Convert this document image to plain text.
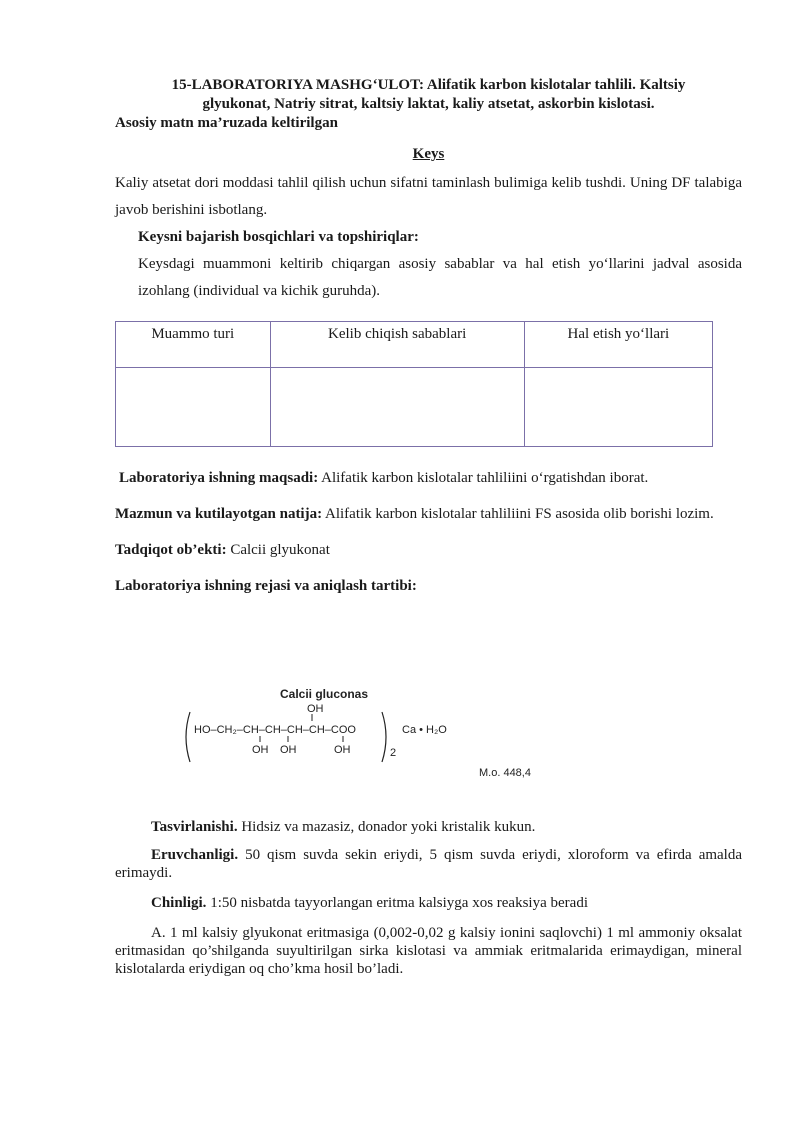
15-LABORATORIYA MASHG‘ULOT: Alifatik karbon kislotalar tahlili. Kaltsiy

glyukonat, Natriy sitrat, kaltsiy laktat, kaliy atsetat, askorbin kislotasi.

Asosiy matn ma’ruzada keltirilgan

Keys

Kaliy atsetat dori moddasi tahlil qilish uchun sifatni taminlash bulimiga kelib tushdi. Uning DF talabiga javob berishini isbotlang.

Keysni bajarish bosqichlari va topshiriqlar:

Keysdagi muammoni keltirib chiqargan asosiy sabablar va hal etish yo‘llarini jadval asosida izohlang (individual va kichik guruhda).

Muammo turi	Kelib chiqish sabablari	Hal etish yo‘llari

Laboratoriya ishning maqsadi: Alifatik karbon kislotalar tahliliini o‘rgatishdan iborat.

Mazmun va kutilayotgan natija: Alifatik karbon kislotalar tahliliini FS asosida olib borishi lozim.

Tadqiqot ob’ekti: Calcii glyukonat

Laboratoriya ishning rejasi va aniqlash tartibi:

Calcii gluconas
OH
HO–CH₂–CH–CH–CH–CH–COO
OH OH	OH	2
Ca • H₂O
M.o. 448,4

Tasvirlanishi. Hidsiz va mazasiz, donador yoki kristalik kukun.

Eruvchanligi. 50 qism suvda sekin eriydi, 5 qism suvda eriydi, xloroform va efirda amalda erimaydi.

Chinligi. 1:50 nisbatda tayyorlangan eritma kalsiyga xos reaksiya beradi

A. 1 ml kalsiy glyukonat eritmasiga (0,002-0,02 g kalsiy ionini saqlovchi) 1 ml ammoniy oksalat eritmasidan qo’shilganda suyultirilgan sirka kislotasi va ammiak eritmalarida erimaydigan, mineral kislotalarda eriydigan oq cho’kma hosil bo’ladi.
